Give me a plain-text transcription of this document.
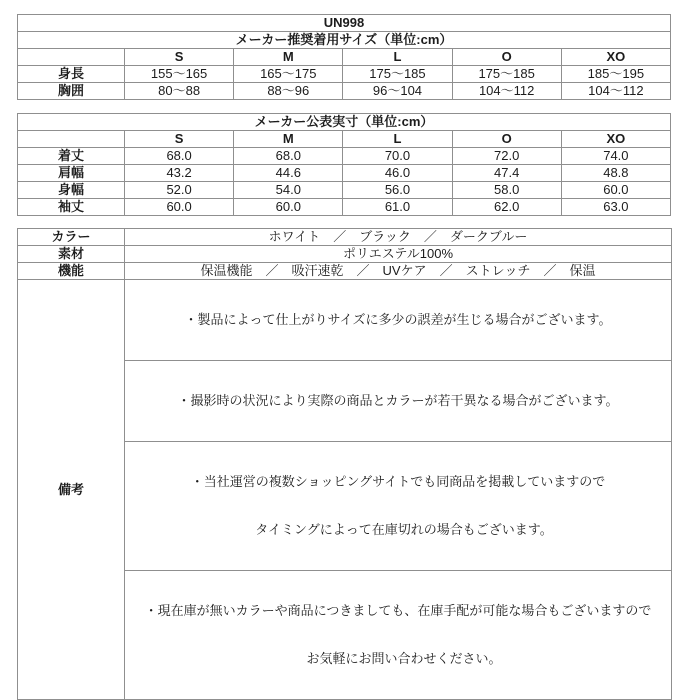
UN998					
メーカー推奨着用サイズ（単位:cm）					
	S	M	L	O	XO
身長	155～165	165～175	175～185	175～185	185～195
胸囲	80～88	88～96	96～104	104～112	104～112
メーカー公表実寸（単位:cm）					
	S	M	L	O	XO
着丈	68.0	68.0	70.0	72.0	74.0
肩幅	43.2	44.6	46.0	47.4	48.8
身幅	52.0	54.0	56.0	58.0	60.0
袖丈	60.0	60.0	61.0	62.0	63.0
カラー	ホワイト　／　ブラック　／　ダークブルー
素材	ポリエステル100%
機能	保温機能　／　吸汗速乾　／　UVケア　／　ストレッチ　／　保温
備考	・製品によって仕上がりサイズに多少の誤差が生じる場合がございます。

	・撮影時の状況により実際の商品とカラーが若干異なる場合がございます。

	・当社運営の複数ショッピングサイトでも同商品を掲載していますので

タイミングによって在庫切れの場合もございます。

	・現在庫が無いカラーや商品につきましても、在庫手配が可能な場合もございますので

お気軽にお問い合わせください。
